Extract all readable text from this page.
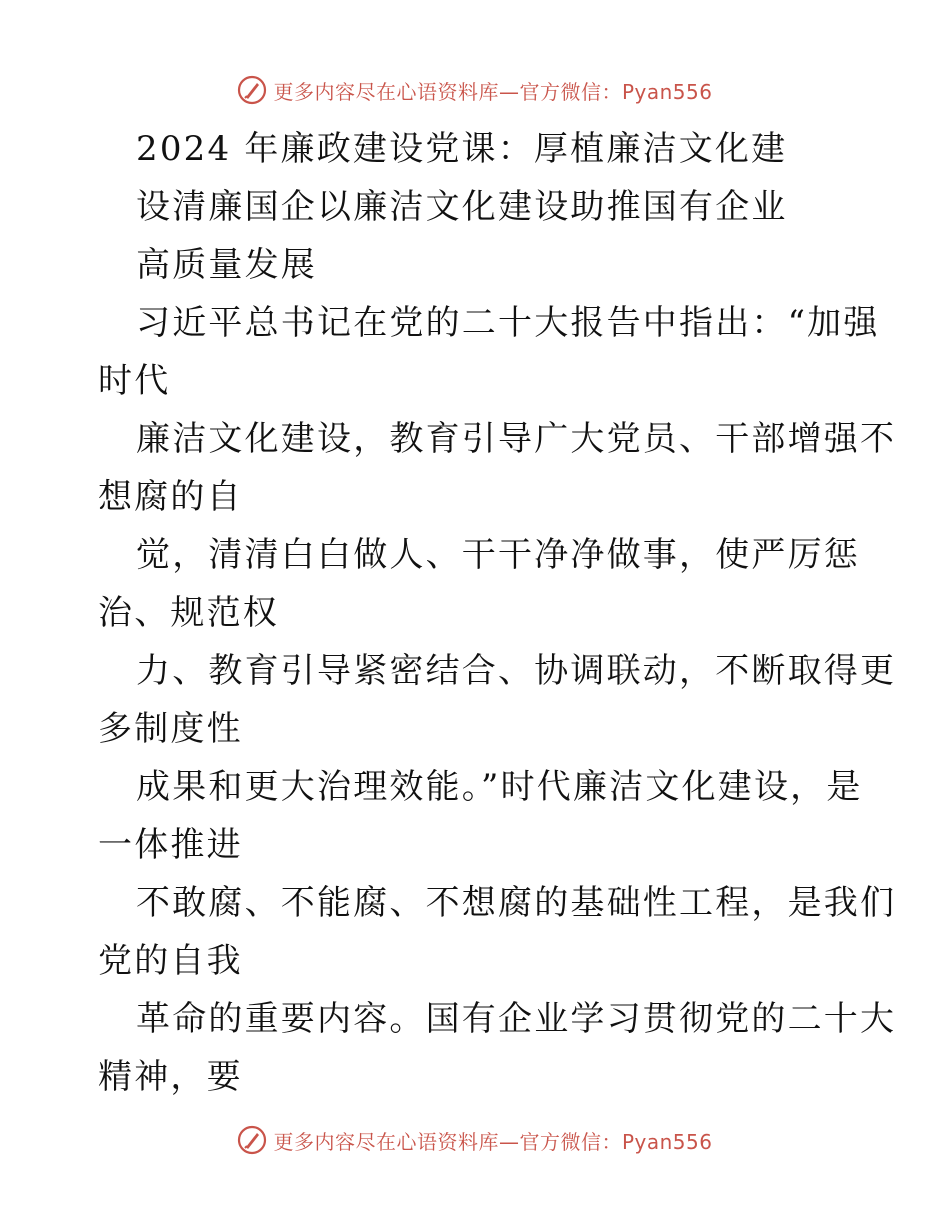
更多内容尽在心语资料库—官方微信：Pyan556
2024 年廉政建设党课：厚植廉洁文化建
设清廉国企以廉洁文化建设助推国有企业
高质量发展
习近平总书记在党的二十大报告中指出：“加强
时代
廉洁文化建设，教育引导广大党员、干部增强不
想腐的自
觉，清清白白做人、干干净净做事，使严厉惩
治、规范权
力、教育引导紧密结合、协调联动，不断取得更
多制度性
成果和更大治理效能。”时代廉洁文化建设，是
一体推进
不敢腐、不能腐、不想腐的基础性工程，是我们
党的自我
革命的重要内容。国有企业学习贯彻党的二十大
精神，要
更多内容尽在心语资料库—官方微信：Pyan556
